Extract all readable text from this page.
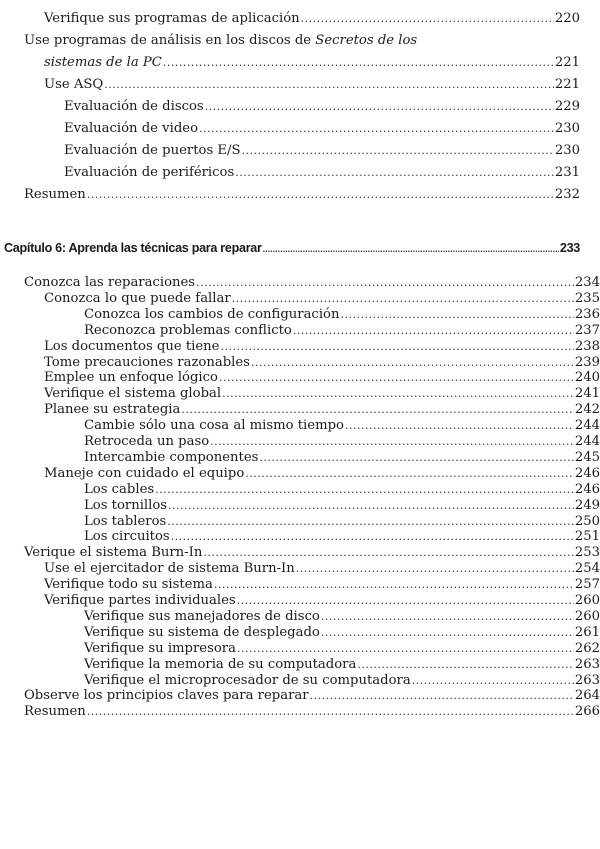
Verifique sus programas de aplicación .....	220
Use programas de análisis en los discos de Secretos de los
sistemas de la PC .....	221
Use ASQ .....	221
Evaluación de discos .....	229
Evaluación de video .....	230
Evaluación de puertos E/S .....	230
Evaluación de periféricos .....	231
Resumen .....	232
Capítulo 6: Aprenda las técnicas para reparar .....	233
Conozca las reparaciones .....	234
Conozca lo que puede fallar .....	235
Conozca los cambios de configuración .....	236
Reconozca problemas conflicto .....	237
Los documentos que tiene .....	238
Tome precauciones razonables .....	239
Emplee un enfoque lógico .....	240
Verifique el sistema global .....	241
Planee su estrategia .....	242
Cambie sólo una cosa al mismo tiempo .....	244
Retroceda un paso .....	244
Intercambie componentes .....	245
Maneje con cuidado el equipo .....	246
Los cables .....	246
Los tornillos .....	249
Los tableros .....	250
Los circuitos .....	251
Verique el sistema Burn-In .....	253
Use el ejercitador de sistema Burn-In .....	254
Verifique todo su sistema .....	257
Verifique partes individuales .....	260
Verifique sus manejadores de disco .....	260
Verifique su sistema de desplegado .....	261
Verifique su impresora .....	262
Verifique la memoria de su computadora .....	263
Verifique el microprocesador de su computadora .....	263
Observe los principios claves para reparar .....	264
Resumen .....	266
